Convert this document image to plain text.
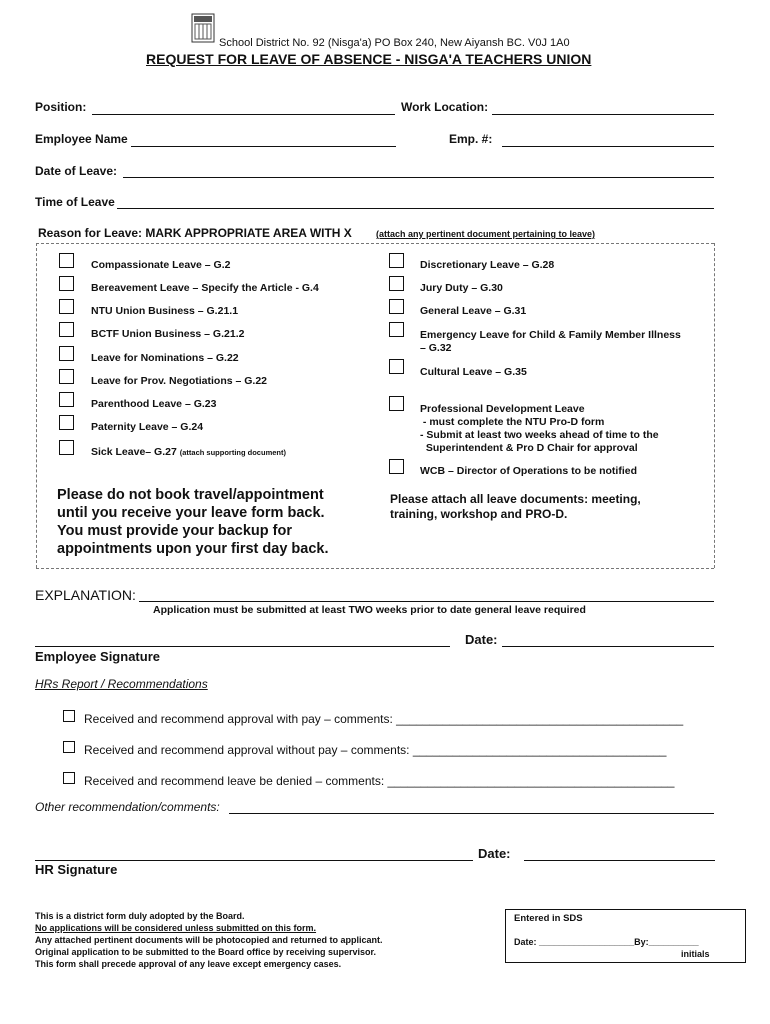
School District No. 92 (Nisga'a) PO Box 240, New Aiyansh BC. V0J 1A0
REQUEST FOR LEAVE OF ABSENCE - NISGA'A TEACHERS UNION
Position:	Work Location:
Employee Name	Emp. #:
Date of Leave:
Time of Leave
Reason for Leave: MARK APPROPRIATE AREA WITH X	(attach any pertinent document pertaining to leave)
Compassionate Leave – G.2
Bereavement Leave – Specify the Article - G.4
NTU Union Business – G.21.1
BCTF Union Business – G.21.2
Leave for Nominations – G.22
Leave for Prov. Negotiations – G.22
Parenthood Leave – G.23
Paternity Leave – G.24
Sick Leave– G.27 (attach supporting document)
Discretionary Leave – G.28
Jury Duty – G.30
General Leave – G.31
Emergency Leave for Child & Family Member Illness
– G.32
Cultural Leave – G.35
Professional Development Leave
- must complete the NTU Pro-D form
- Submit at least two weeks ahead of time to the
Superintendent & Pro D Chair for approval
WCB – Director of Operations to be notified
Please do not book travel/appointment
until you receive your leave form back.
You must provide your backup for
appointments upon your first day back.
Please attach all leave documents: meeting,
training, workshop and PRO-D.
EXPLANATION:
Application must be submitted at least TWO weeks prior to date general leave required
Date:
Employee Signature
HRs Report / Recommendations
Received and recommend approval with pay – comments: ___________________________________________
Received and recommend approval without pay – comments: ______________________________________
Received and recommend leave be denied – comments: ___________________________________________
Other recommendation/comments:
Date:
HR Signature
This is a district form duly adopted by the Board.
No applications will be considered unless submitted on this form.
Any attached pertinent documents will be photocopied and returned to applicant.
Original application to be submitted to the Board office by receiving supervisor.
This form shall precede approval of any leave except emergency cases.
Entered in SDS
Date: ___________________By:__________
initials
